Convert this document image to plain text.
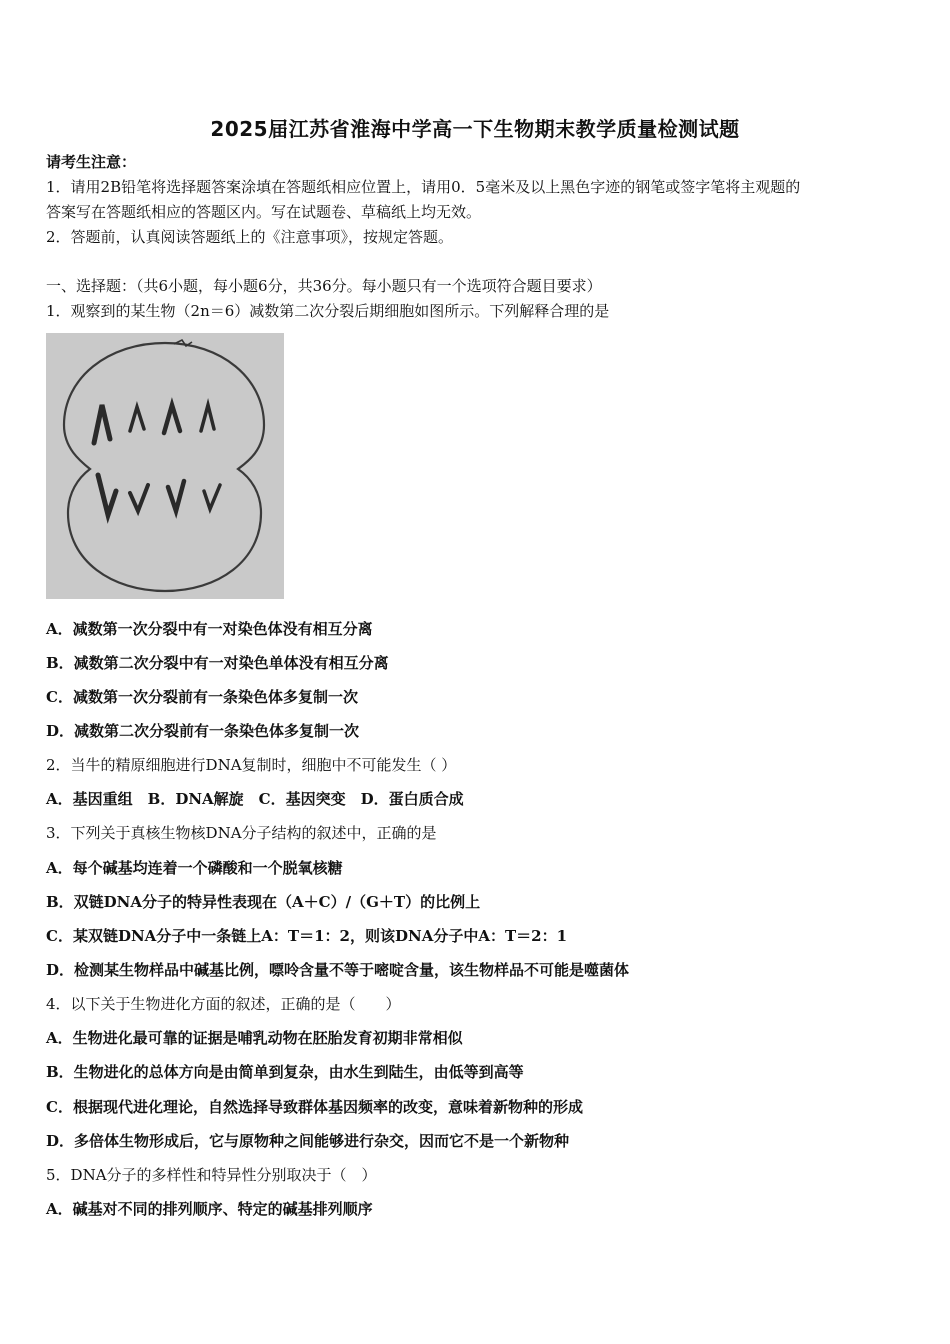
2025届江苏省淮海中学高一下生物期末教学质量检测试题
请考生注意：
1．请用2B铅笔将选择题答案涂填在答题纸相应位置上，请用0．5毫米及以上黑色字迹的钢笔或签字笔将主观题的
答案写在答题纸相应的答题区内。写在试题卷、草稿纸上均无效。
2．答题前，认真阅读答题纸上的《注意事项》，按规定答题。
一、选择题：（共6小题，每小题6分，共36分。每小题只有一个选项符合题目要求）
1．观察到的某生物（2n＝6）减数第二次分裂后期细胞如图所示。下列解释合理的是
A．减数第一次分裂中有一对染色体没有相互分离
B．减数第二次分裂中有一对染色单体没有相互分离
C．减数第一次分裂前有一条染色体多复制一次
D．减数第二次分裂前有一条染色体多复制一次
2．当牛的精原细胞进行DNA复制时，细胞中不可能发生（ ）
A．基因重组　B．DNA解旋　C．基因突变　D．蛋白质合成
3．下列关于真核生物核DNA分子结构的叙述中，正确的是
A．每个碱基均连着一个磷酸和一个脱氧核糖
B．双链DNA分子的特异性表现在（A＋C）/（G＋T）的比例上
C．某双链DNA分子中一条链上A：T＝1：2，则该DNA分子中A：T＝2：1
D．检测某生物样品中碱基比例，嘌呤含量不等于嘧啶含量，该生物样品不可能是噬菌体
4．以下关于生物进化方面的叙述，正确的是（　　）
A．生物进化最可靠的证据是哺乳动物在胚胎发育初期非常相似
B．生物进化的总体方向是由简单到复杂，由水生到陆生，由低等到高等
C．根据现代进化理论，自然选择导致群体基因频率的改变，意味着新物种的形成
D．多倍体生物形成后，它与原物种之间能够进行杂交，因而它不是一个新物种
5．DNA分子的多样性和特异性分别取决于（　）
A．碱基对不同的排列顺序、特定的碱基排列顺序
